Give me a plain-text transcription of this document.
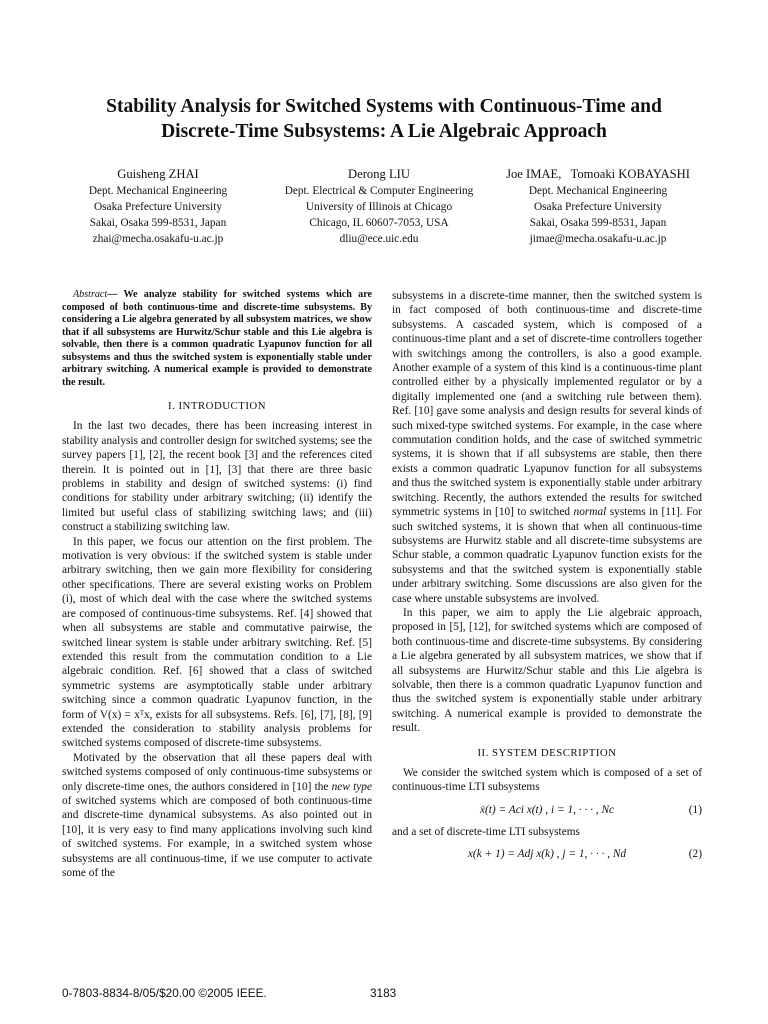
Stability Analysis for Switched Systems with Continuous-Time and
Discrete-Time Subsystems: A Lie Algebraic Approach
Guisheng ZHAI
Dept. Mechanical Engineering
Osaka Prefecture University
Sakai, Osaka 599-8531, Japan
zhai@mecha.osakafu-u.ac.jp
Derong LIU
Dept. Electrical & Computer Engineering
University of Illinois at Chicago
Chicago, IL 60607-7053, USA
dliu@ece.uic.edu
Joe IMAE,   Tomoaki KOBAYASHI
Dept. Mechanical Engineering
Osaka Prefecture University
Sakai, Osaka 599-8531, Japan
jimae@mecha.osakafu-u.ac.jp

Abstract— We analyze stability for switched systems which are composed of both continuous-time and discrete-time subsystems. By considering a Lie algebra generated by all subsystem matrices, we show that if all subsystems are Hurwitz/Schur stable and this Lie algebra is solvable, then there is a common quadratic Lyapunov function for all subsystems and thus the switched system is exponentially stable under arbitrary switching. A numerical example is provided to demonstrate the result.

I. INTRODUCTION

In the last two decades, there has been increasing interest in stability analysis and controller design for switched systems; see the survey papers [1], [2], the recent book [3] and the references cited therein. It is pointed out in [1], [3] that there are three basic problems in stability and design of switched systems: (i) find conditions for stability under arbitrary switching; (ii) identify the limited but useful class of stabilizing switching laws; and (iii) construct a stabilizing switching law.

In this paper, we focus our attention on the first problem. The motivation is very obvious: if the switched system is stable under arbitrary switching, then we gain more flexibility for considering other specifications. There are several existing works on Problem (i), most of which deal with the case where the switched systems are composed of continuous-time subsystems. Ref. [4] showed that when all subsystems are stable and commutative pairwise, the switched linear system is stable under arbitrary switching. Ref. [5] extended this result from the commutation condition to a Lie algebraic condition. Ref. [6] showed that a class of switched symmetric systems are asymptotically stable under arbitrary switching since a common quadratic Lyapunov function, in the form of V(x) = xᵀx, exists for all subsystems. Refs. [6], [7], [8], [9] extended the consideration to stability analysis problems for switched systems composed of discrete-time subsystems.

Motivated by the observation that all these papers deal with switched systems composed of only continuous-time subsystems or only discrete-time ones, the authors considered in [10] the new type of switched systems which are composed of both continuous-time and discrete-time dynamical subsystems. As also pointed out in [10], it is very easy to find many applications involving such kind of switched systems. For example, in a switched system whose subsystems are all continuous-time, if we use computer to activate some of the

subsystems in a discrete-time manner, then the switched system is in fact composed of both continuous-time and discrete-time subsystems. A cascaded system, which is composed of a continuous-time plant and a set of discrete-time controllers together with switchings among the controllers, is also a good example. Another example of a system of this kind is a continuous-time plant controlled either by a physically implemented regulator or by a digitally implemented one (and a switching rule between them). Ref. [10] gave some analysis and design results for several kinds of such mixed-type switched systems. For example, in the case where commutation condition holds, and the case of switched symmetric systems, it is shown that if all subsystems are stable, then there exists a common quadratic Lyapunov function for all subsystems and thus the switched system is exponentially stable under arbitrary switching. Recently, the authors extended the results for switched symmetric systems in [10] to switched normal systems in [11]. For such switched systems, it is shown that when all continuous-time subsystems are Hurwitz stable and all discrete-time subsystems are Schur stable, a common quadratic Lyapunov function exists for the subsystems and that the switched system is exponentially stable under arbitrary switching. Some discussions are also given for the case where unstable subsystems are involved.

In this paper, we aim to apply the Lie algebraic approach, proposed in [5], [12], for switched systems which are composed of both continuous-time and discrete-time subsystems. By considering a Lie algebra generated by all subsystem matrices, we show that if all subsystems are Hurwitz/Schur stable and this Lie algebra is solvable, then there is a common quadratic Lyapunov function and thus the switched system is exponentially stable under arbitrary switching. A numerical example is provided to demonstrate the result.

II. SYSTEM DESCRIPTION

We consider the switched system which is composed of a set of continuous-time LTI subsystems

ẋ(t) = Aci x(t) , i = 1, · · · , Nc	(1)

and a set of discrete-time LTI subsystems

x(k + 1) = Adj x(k) , j = 1, · · · , Nd	(2)
0-7803-8834-8/05/$20.00 ©2005 IEEE.	3183
